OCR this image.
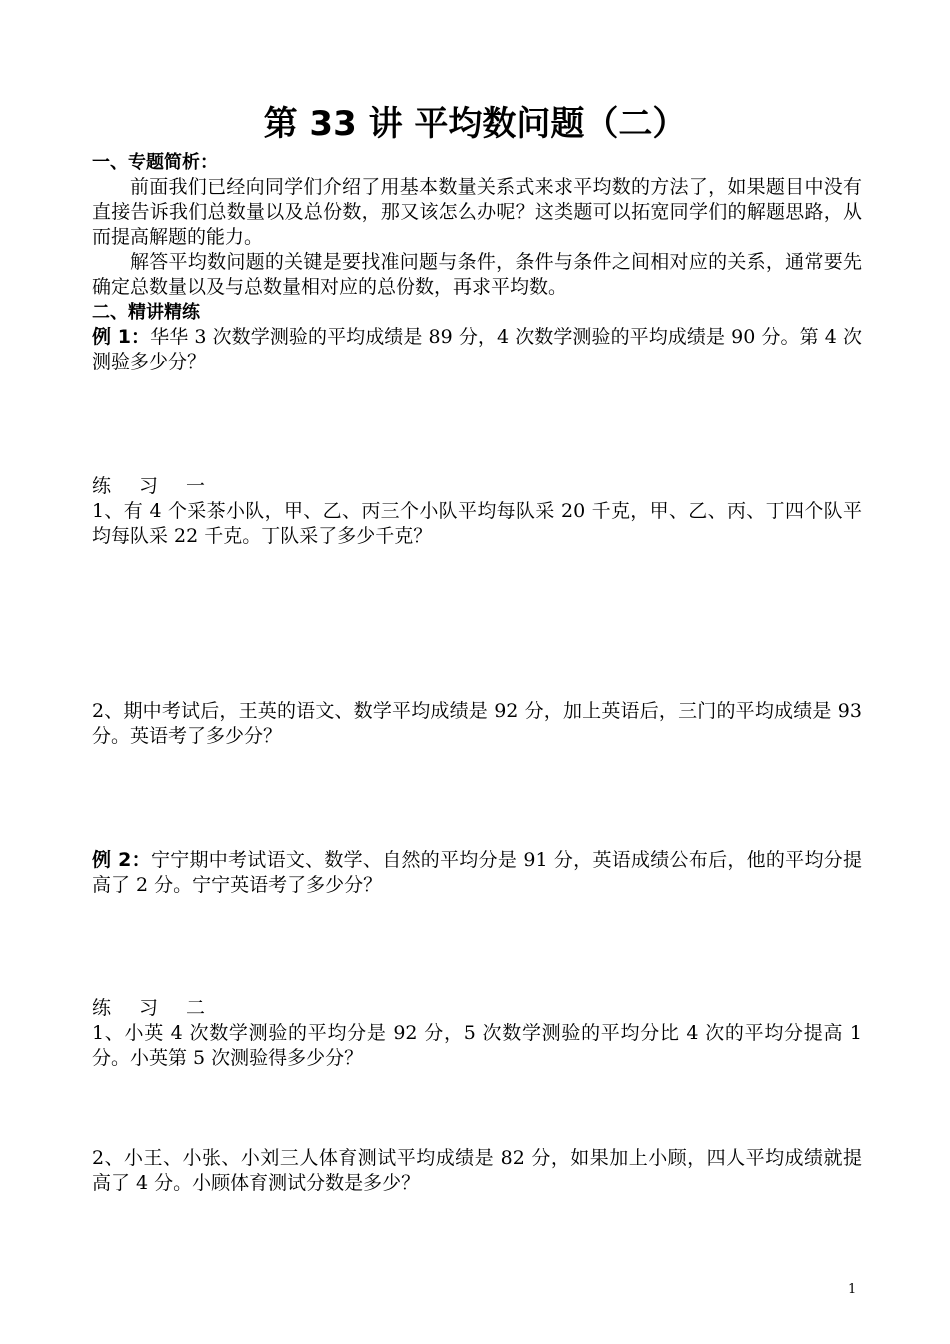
第 33 讲 平均数问题（二）
一、专题简析：

前面我们已经向同学们介绍了用基本数量关系式来求平均数的方法了，如果题目中没有直接告诉我们总数量以及总份数，那又该怎么办呢？这类题可以拓宽同学们的解题思路，从而提高解题的能力。

解答平均数问题的关键是要找准问题与条件，条件与条件之间相对应的关系，通常要先确定总数量以及与总数量相对应的总份数，再求平均数。

二、精讲精练

例 1：华华 3 次数学测验的平均成绩是 89 分，4 次数学测验的平均成绩是 90 分。第 4 次测验多少分？

练 习 一

1、有 4 个采茶小队，甲、乙、丙三个小队平均每队采 20 千克，甲、乙、丙、丁四个队平均每队采 22 千克。丁队采了多少千克？

2、期中考试后，王英的语文、数学平均成绩是 92 分，加上英语后，三门的平均成绩是 93 分。英语考了多少分？

例 2：宁宁期中考试语文、数学、自然的平均分是 91 分，英语成绩公布后，他的平均分提高了 2 分。宁宁英语考了多少分？

练 习 二

1、小英 4 次数学测验的平均分是 92 分，5 次数学测验的平均分比 4 次的平均分提高 1 分。小英第 5 次测验得多少分？

2、小王、小张、小刘三人体育测试平均成绩是 82 分，如果加上小顾，四人平均成绩就提高了 4 分。小顾体育测试分数是多少？

1
